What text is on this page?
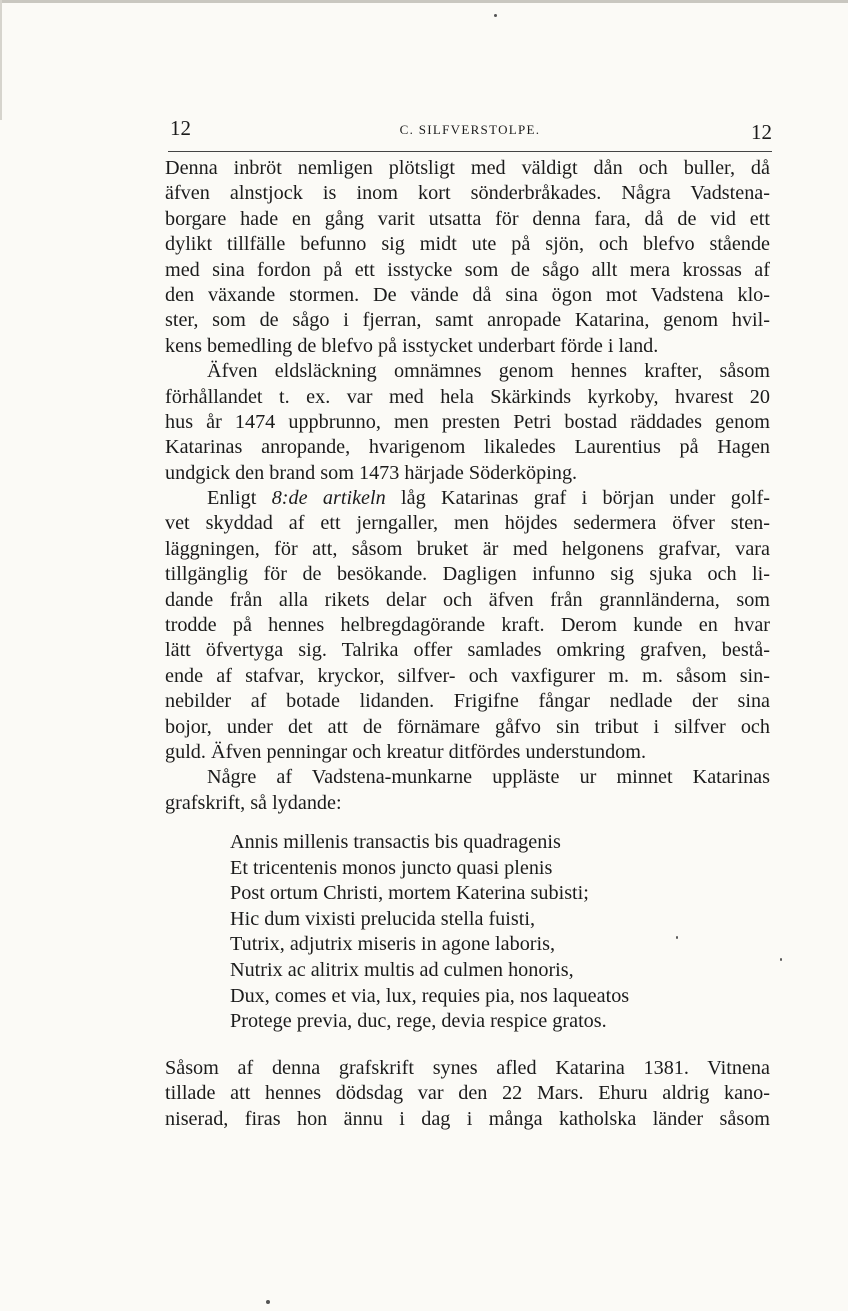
12	C. SILFVERSTOLPE.	12
Denna inbröt nemligen plötsligt med väldigt dån och buller, då
äfven alnstjock is inom kort sönderbråkades. Några Vadstena-
borgare hade en gång varit utsatta för denna fara, då de vid ett
dylikt tillfälle befunno sig midt ute på sjön, och blefvo stående
med sina fordon på ett isstycke som de sågo allt mera krossas af
den växande stormen. De vände då sina ögon mot Vadstena klo-
ster, som de sågo i fjerran, samt anropade Katarina, genom hvil-
kens bemedling de blefvo på isstycket underbart förde i land.
Äfven eldsläckning omnämnes genom hennes krafter, såsom
förhållandet t. ex. var med hela Skärkinds kyrkoby, hvarest 20
hus år 1474 uppbrunno, men presten Petri bostad räddades genom
Katarinas anropande, hvarigenom likaledes Laurentius på Hagen
undgick den brand som 1473 härjade Söderköping.
Enligt 8:de artikeln låg Katarinas graf i början under golf-
vet skyddad af ett jerngaller, men höjdes sedermera öfver sten-
läggningen, för att, såsom bruket är med helgonens grafvar, vara
tillgänglig för de besökande. Dagligen infunno sig sjuka och li-
dande från alla rikets delar och äfven från grannländerna, som
trodde på hennes helbregdagörande kraft. Derom kunde en hvar
lätt öfvertyga sig. Talrika offer samlades omkring grafven, bestå-
ende af stafvar, kryckor, silfver- och vaxfigurer m. m. såsom sin-
nebilder af botade lidanden. Frigifne fångar nedlade der sina
bojor, under det att de förnämare gåfvo sin tribut i silfver och
guld. Äfven penningar och kreatur ditfördes understundom.
Någre af Vadstena-munkarne uppläste ur minnet Katarinas
grafskrift, så lydande:
Annis millenis transactis bis quadragenis
Et tricentenis monos juncto quasi plenis
Post ortum Christi, mortem Katerina subisti;
Hic dum vixisti prelucida stella fuisti,
Tutrix, adjutrix miseris in agone laboris,
Nutrix ac alitrix multis ad culmen honoris,
Dux, comes et via, lux, requies pia, nos laqueatos
Protege previa, duc, rege, devia respice gratos.
Såsom af denna grafskrift synes afled Katarina 1381. Vitnena
tillade att hennes dödsdag var den 22 Mars. Ehuru aldrig kano-
niserad, firas hon ännu i dag i många katholska länder såsom
